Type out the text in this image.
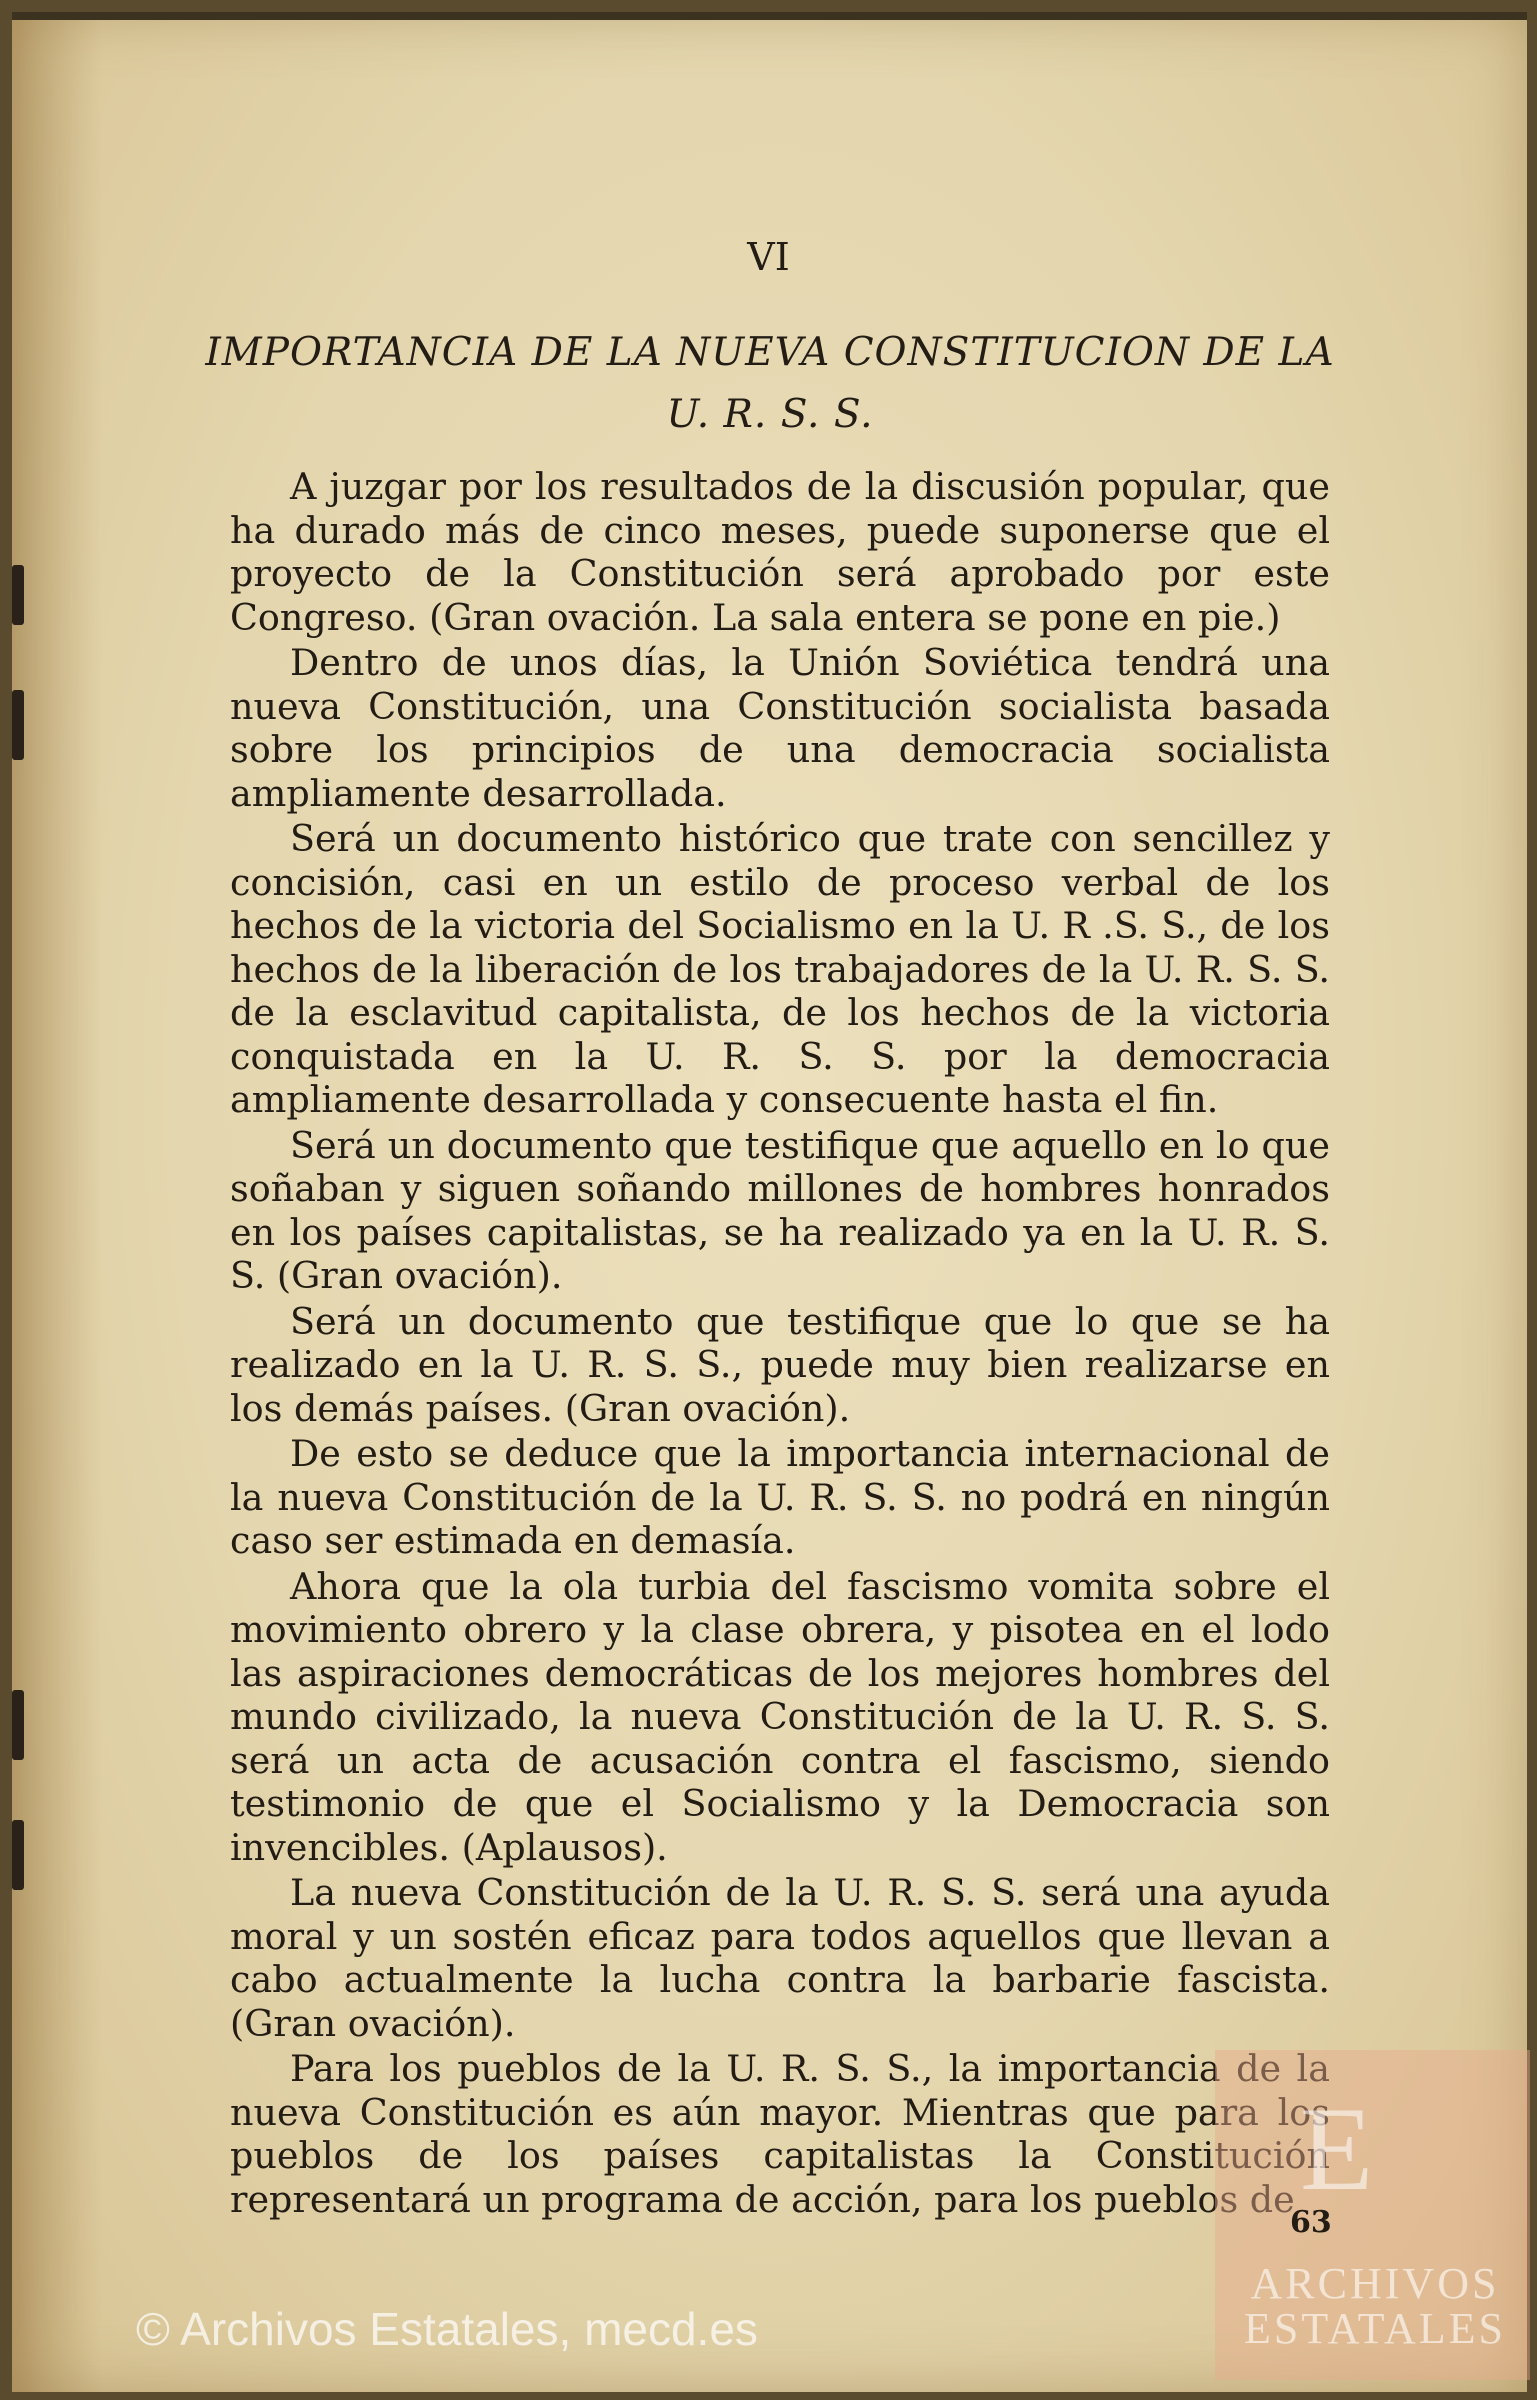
VI
IMPORTANCIA DE LA NUEVA CONSTITUCION DE LA
U. R. S. S.

A juzgar por los resultados de la discusión popular, que ha durado más de cinco meses, puede suponerse que el proyecto de la Constitución será aprobado por este Congreso. (Gran ovación. La sala entera se pone en pie.)

Dentro de unos días, la Unión Soviética tendrá una nueva Constitución, una Constitución socialista basada sobre los principios de una democracia socialista ampliamente desarrollada.

Será un documento histórico que trate con sencillez y concisión, casi en un estilo de proceso verbal de los hechos de la victoria del Socialismo en la U. R .S. S., de los hechos de la liberación de los trabajadores de la U. R. S. S. de la esclavitud capitalista, de los hechos de la victoria conquistada en la U. R. S. S. por la democracia ampliamente desarrollada y consecuente hasta el fin.

Será un documento que testifique que aquello en lo que soñaban y siguen soñando millones de hombres honrados en los países capitalistas, se ha realizado ya en la U. R. S. S. (Gran ovación).

Será un documento que testifique que lo que se ha realizado en la U. R. S. S., puede muy bien realizarse en los demás países. (Gran ovación).

De esto se deduce que la importancia internacional de la nueva Constitución de la U. R. S. S. no podrá en ningún caso ser estimada en demasía.

Ahora que la ola turbia del fascismo vomita sobre el movimiento obrero y la clase obrera, y pisotea en el lodo las aspiraciones democráticas de los mejores hombres del mundo civilizado, la nueva Constitución de la U. R. S. S. será un acta de acusación contra el fascismo, siendo testimonio de que el Socialismo y la Democracia son invencibles. (Aplausos).

La nueva Constitución de la U. R. S. S. será una ayuda moral y un sostén eficaz para todos aquellos que llevan a cabo actualmente la lucha contra la barbarie fascista. (Gran ovación).

Para los pueblos de la U. R. S. S., la importancia de la nueva Constitución es aún mayor. Mientras que para los pueblos de los países capitalistas la Constitución representará un programa de acción, para los pueblos de E
ARCHIVOS
ESTATALES
63
© Archivos Estatales, mecd.es
